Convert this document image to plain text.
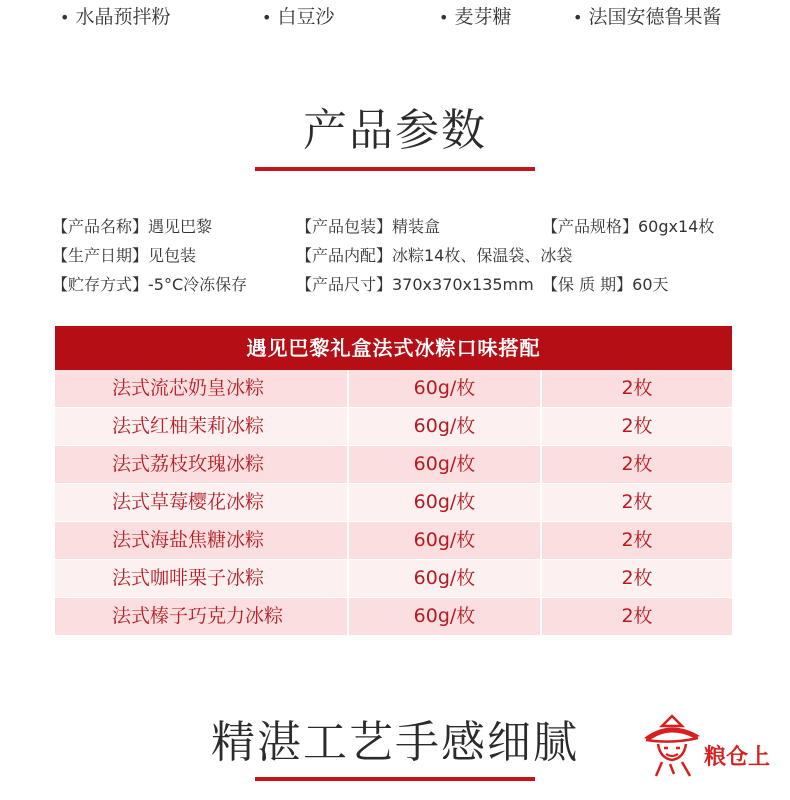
• 水晶预拌粉	• 白豆沙	• 麦芽糖	• 法国安德鲁果酱
产品参数
【产品名称】遇见巴黎	【产品包装】精装盒	【产品规格】60gx14枚
【生产日期】见包装	【产品内配】冰粽14枚、保温袋、冰袋
【贮存方式】-5°C冷冻保存	【产品尺寸】370x370x135mm 【保 质 期】60天
遇见巴黎礼盒法式冰粽口味搭配
法式流芯奶皇冰粽	60g/枚	2枚
法式红柚茉莉冰粽	60g/枚	2枚
法式荔枝玫瑰冰粽	60g/枚	2枚
法式草莓樱花冰粽	60g/枚	2枚
法式海盐焦糖冰粽	60g/枚	2枚
法式咖啡栗子冰粽	60g/枚	2枚
法式榛子巧克力冰粽	60g/枚	2枚
精湛工艺手感细腻	粮仓上
